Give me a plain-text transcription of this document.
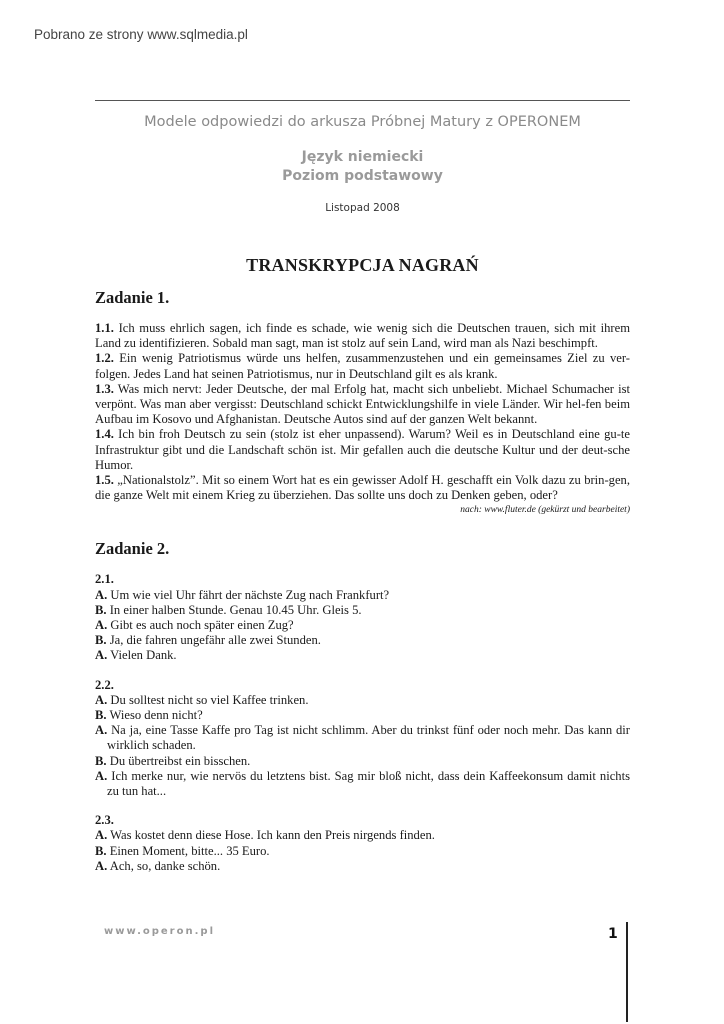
Pobrano ze strony www.sqlmedia.pl
Modele odpowiedzi do arkusza Próbnej Matury z OPERONEM
Język niemiecki
Poziom podstawowy
Listopad 2008
TRANSKRYPCJA NAGRAŃ
Zadanie 1.

1.1. Ich muss ehrlich sagen, ich finde es schade, wie wenig sich die Deutschen trauen, sich mit ihrem Land zu identifizieren. Sobald man sagt, man ist stolz auf sein Land, wird man als Nazi beschimpft.

1.2. Ein wenig Patriotismus würde uns helfen, zusammenzustehen und ein gemeinsames Ziel zu ver-folgen. Jedes Land hat seinen Patriotismus, nur in Deutschland gilt es als krank.

1.3. Was mich nervt: Jeder Deutsche, der mal Erfolg hat, macht sich unbeliebt. Michael Schumacher ist verpönt. Was man aber vergisst: Deutschland schickt Entwicklungshilfe in viele Länder. Wir hel-fen beim Aufbau im Kosovo und Afghanistan. Deutsche Autos sind auf der ganzen Welt bekannt.

1.4. Ich bin froh Deutsch zu sein (stolz ist eher unpassend). Warum? Weil es in Deutschland eine gu-te Infrastruktur gibt und die Landschaft schön ist. Mir gefallen auch die deutsche Kultur und der deut-sche Humor.

1.5. „Nationalstolz”. Mit so einem Wort hat es ein gewisser Adolf H. geschafft ein Volk dazu zu brin-gen, die ganze Welt mit einem Krieg zu überziehen. Das sollte uns doch zu Denken geben, oder?

nach: www.fluter.de (gekürzt und bearbeitet)
Zadanie 2.
2.1.
A. Um wie viel Uhr fährt der nächste Zug nach Frankfurt?
B. In einer halben Stunde. Genau 10.45 Uhr. Gleis 5.
A. Gibt es auch noch später einen Zug?
B. Ja, die fahren ungefähr alle zwei Stunden.
A. Vielen Dank.
2.2.
A. Du solltest nicht so viel Kaffee trinken.
B. Wieso denn nicht?
A. Na ja, eine Tasse Kaffe pro Tag ist nicht schlimm. Aber du trinkst fünf oder noch mehr. Das kann dir wirklich schaden.
B. Du übertreibst ein bisschen.
A. Ich merke nur, wie nervös du letztens bist. Sag mir bloß nicht, dass dein Kaffeekonsum damit nichts zu tun hat...
2.3.
A. Was kostet denn diese Hose. Ich kann den Preis nirgends finden.
B. Einen Moment, bitte... 35 Euro.
A. Ach, so, danke schön.
www.operon.pl	1
